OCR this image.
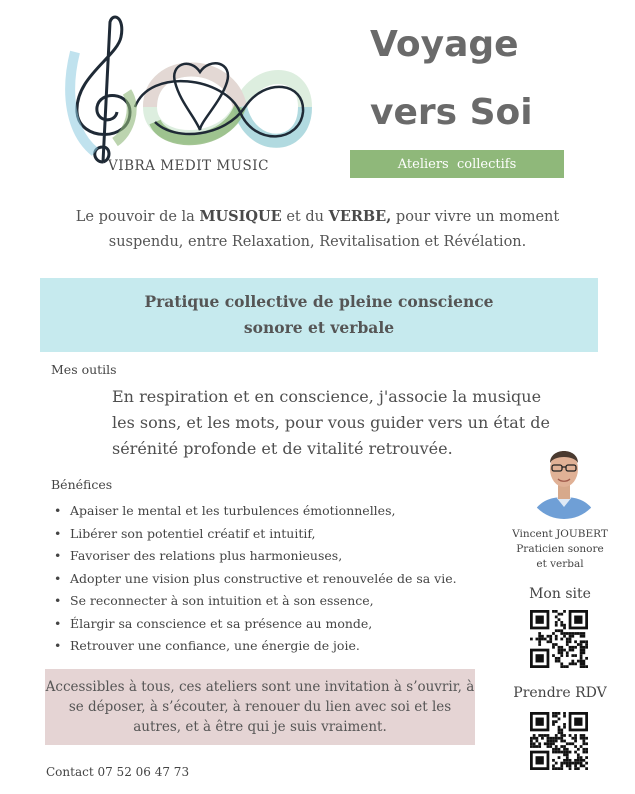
VIBRA MEDIT MUSIC
Voyage
vers Soi
Ateliers  collectifs
Le pouvoir de la MUSIQUE et du VERBE, pour vivre un moment suspendu, entre Relaxation, Revitalisation et Révélation.
Pratique collective de pleine conscience
sonore et verbale
Mes outils
En respiration et en conscience, j'associe la musique les sons, et les mots, pour vous guider vers un état de sérénité profonde et de vitalité retrouvée.
Bénéfices
• Apaiser le mental et les turbulences émotionnelles,
• Libérer son potentiel créatif et intuitif,
• Favoriser des relations plus harmonieuses,
• Adopter une vision plus constructive et renouvelée de sa vie.
• Se reconnecter à son intuition et à son essence,
• Élargir sa conscience et sa présence au monde,
• Retrouver une confiance, une énergie de joie.
Vincent JOUBERT
Praticien sonore
et verbal
Mon site
Prendre RDV
Accessibles à tous, ces ateliers sont une invitation à s’ouvrir, à se déposer, à s’écouter, à renouer du lien avec soi et les autres, et à être qui je suis vraiment.
Contact 07 52 06 47 73
